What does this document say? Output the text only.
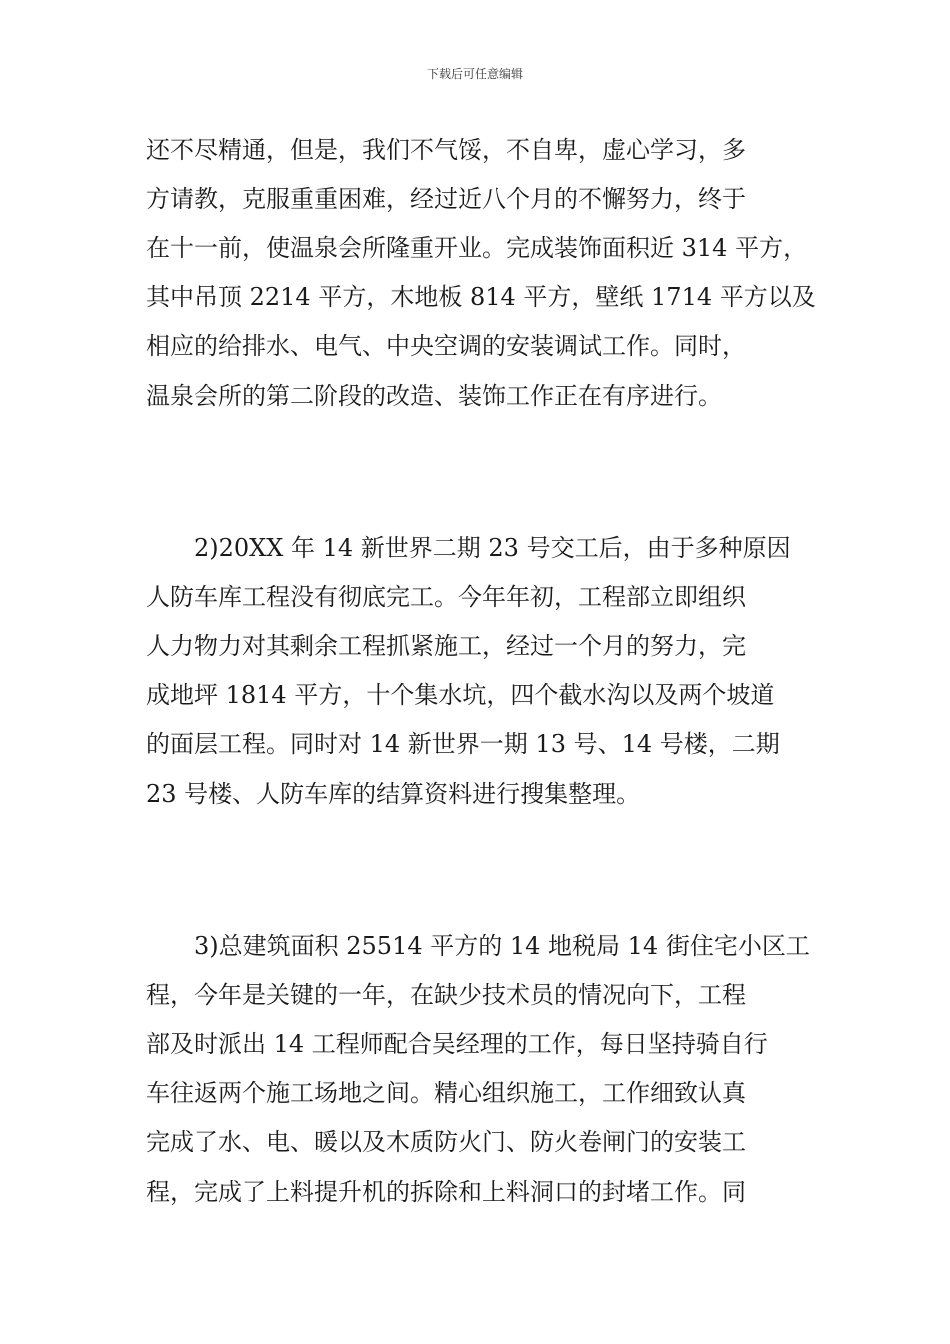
下载后可任意编辑
还不尽精通，但是，我们不气馁，不自卑，虚心学习，多
方请教，克服重重困难，经过近八个月的不懈努力，终于
在十一前，使温泉会所隆重开业。完成装饰面积近 314 平方，
其中吊顶 2214 平方，木地板 814 平方，壁纸 1714 平方以及
相应的给排水、电气、中央空调的安装调试工作。同时，
温泉会所的第二阶段的改造、装饰工作正在有序进行。
2)20XX 年 14 新世界二期 23 号交工后，由于多种原因
人防车库工程没有彻底完工。今年年初，工程部立即组织
人力物力对其剩余工程抓紧施工，经过一个月的努力，完
成地坪 1814 平方，十个集水坑，四个截水沟以及两个坡道
的面层工程。同时对 14 新世界一期 13 号、14 号楼，二期
23 号楼、人防车库的结算资料进行搜集整理。
3)总建筑面积 25514 平方的 14 地税局 14 街住宅小区工
程，今年是关键的一年，在缺少技术员的情况向下，工程
部及时派出 14 工程师配合吴经理的工作，每日坚持骑自行
车往返两个施工场地之间。精心组织施工，工作细致认真
完成了水、电、暖以及木质防火门、防火卷闸门的安装工
程，完成了上料提升机的拆除和上料洞口的封堵工作。同
